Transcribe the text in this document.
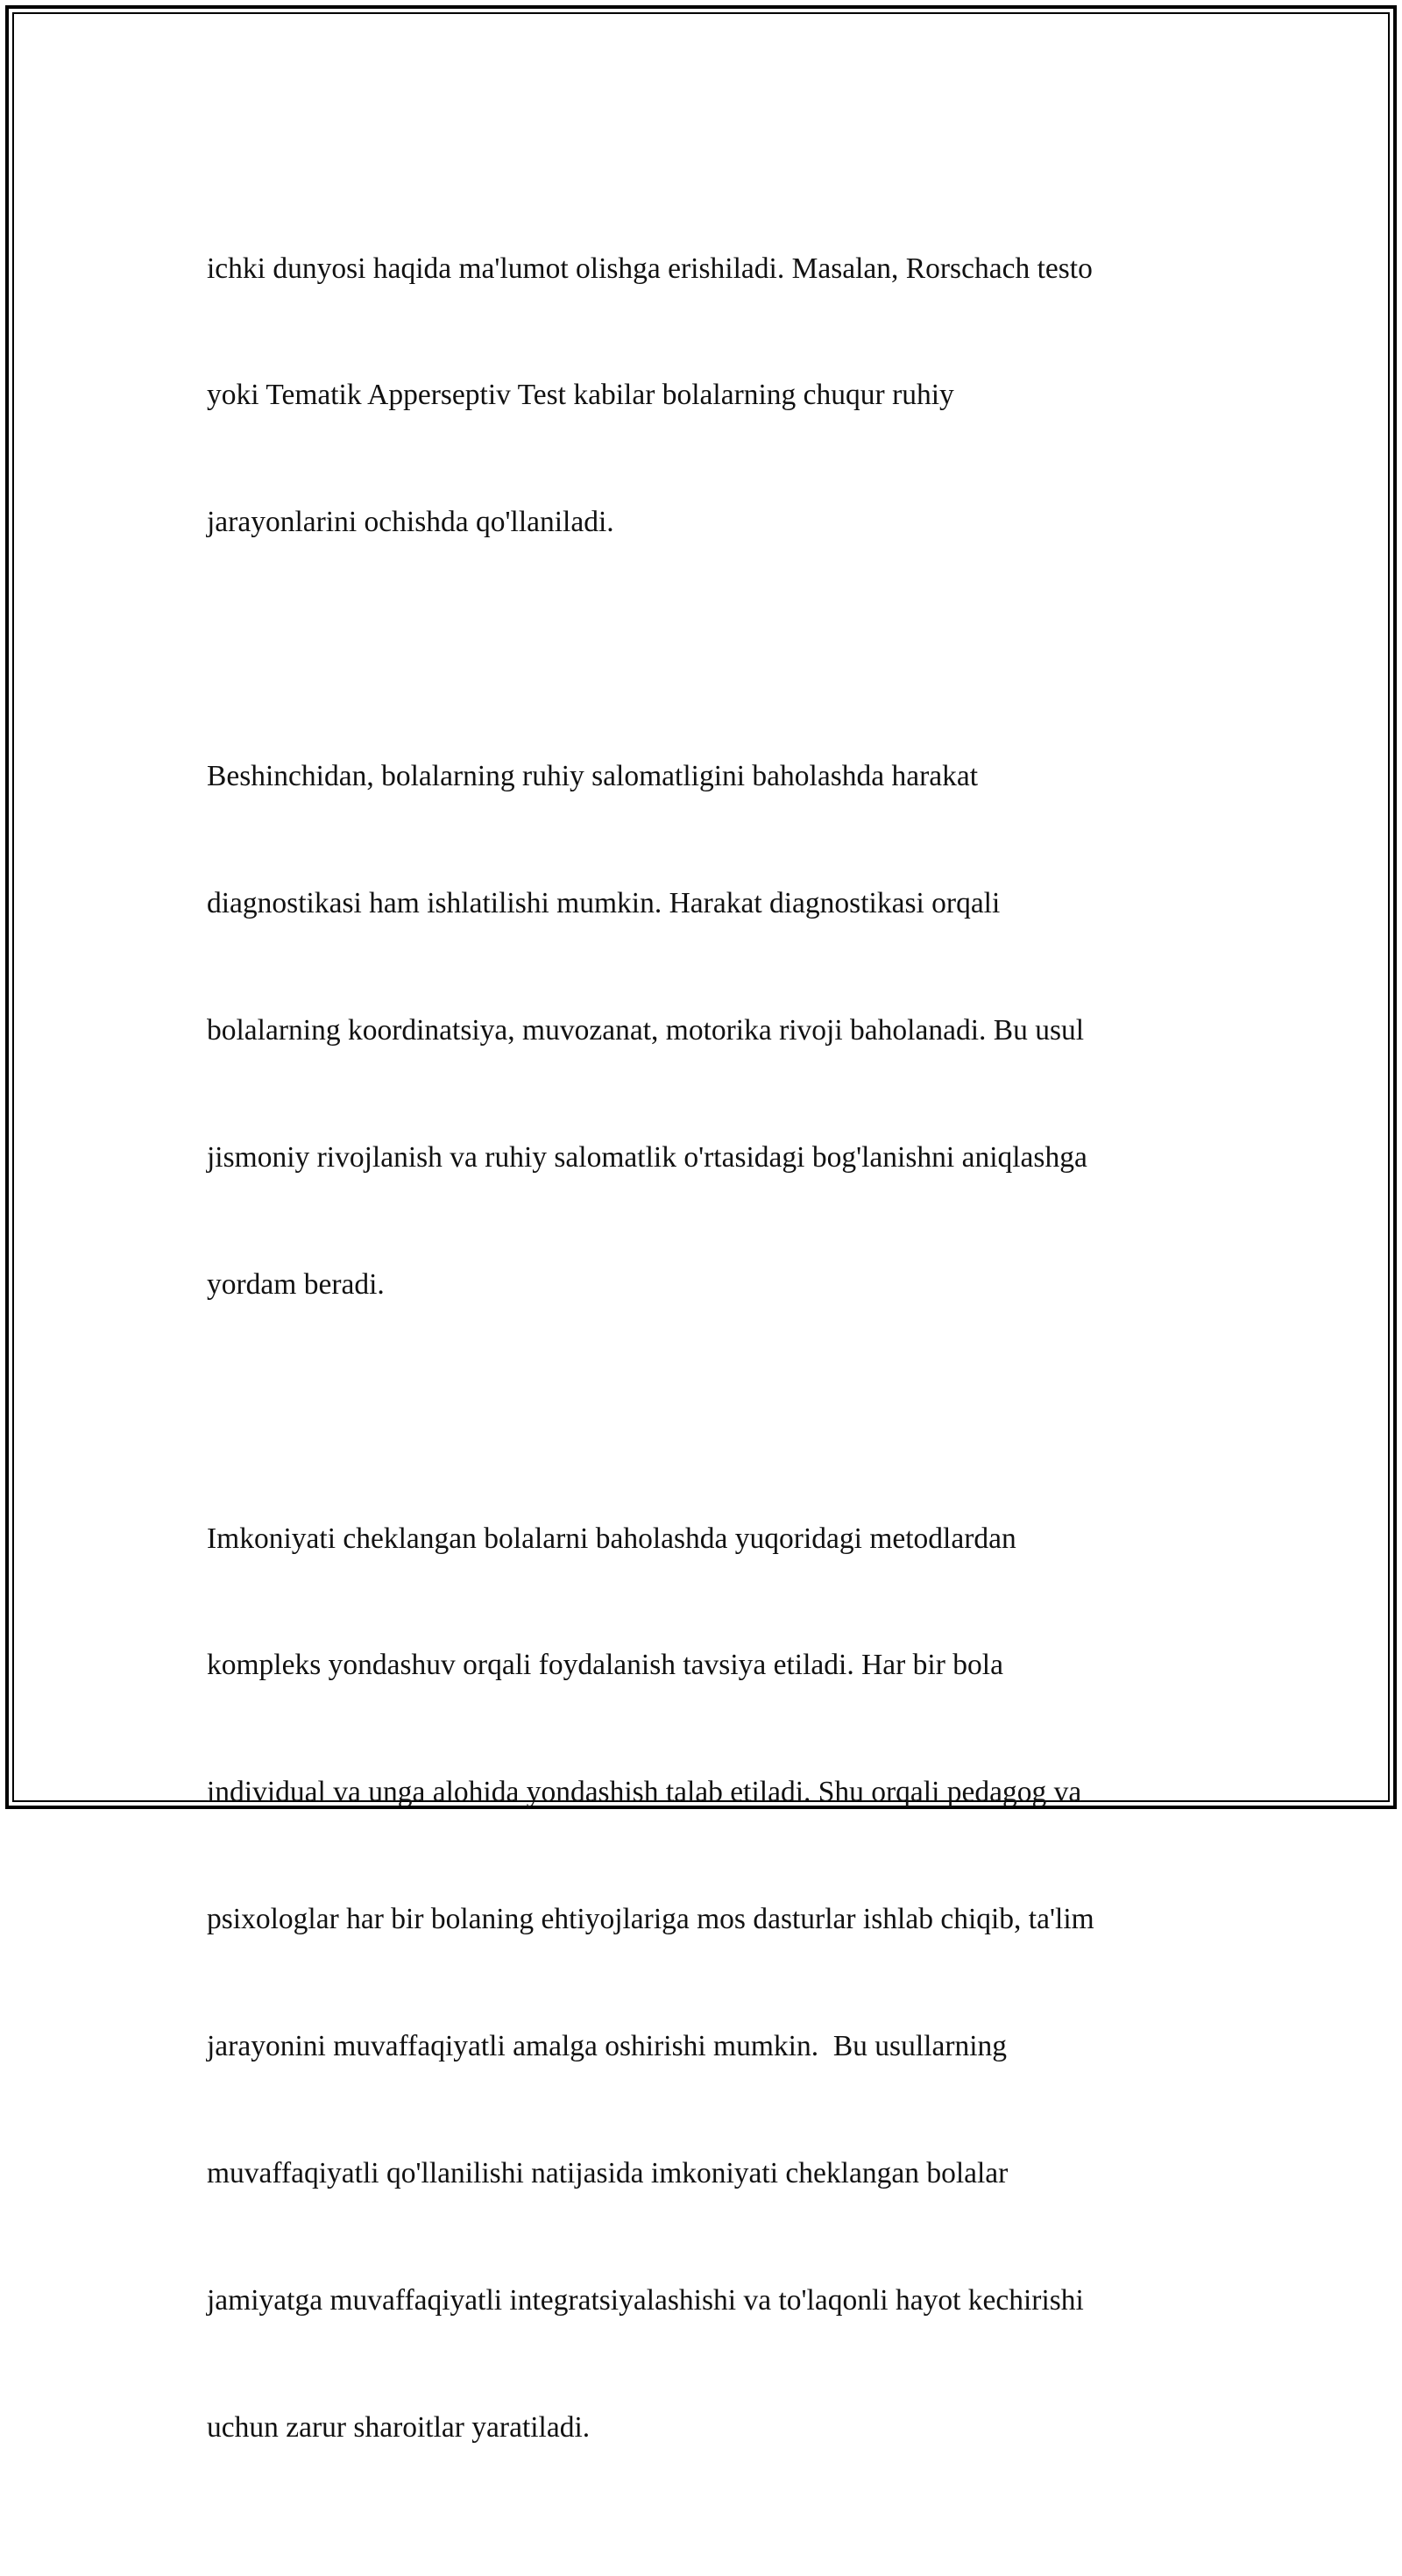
ichki dunyosi haqida ma'lumot olishga erishiladi. Masalan, Rorschach testo

yoki Tematik Apperseptiv Test kabilar bolalarning chuqur ruhiy

jarayonlarini ochishda qo'llaniladi.

Beshinchidan, bolalarning ruhiy salomatligini baholashda harakat

diagnostikasi ham ishlatilishi mumkin. Harakat diagnostikasi orqali

bolalarning koordinatsiya, muvozanat, motorika rivoji baholanadi. Bu usul

jismoniy rivojlanish va ruhiy salomatlik o'rtasidagi bog'lanishni aniqlashga

yordam beradi.

Imkoniyati cheklangan bolalarni baholashda yuqoridagi metodlardan

kompleks yondashuv orqali foydalanish tavsiya etiladi. Har bir bola

individual va unga alohida yondashish talab etiladi. Shu orqali pedagog va

psixologlar har bir bolaning ehtiyojlariga mos dasturlar ishlab chiqib, ta'lim

jarayonini muvaffaqiyatli amalga oshirishi mumkin.  Bu usullarning

muvaffaqiyatli qo'llanilishi natijasida imkoniyati cheklangan bolalar

jamiyatga muvaffaqiyatli integratsiyalashishi va to'laqonli hayot kechirishi

uchun zarur sharoitlar yaratiladi.
